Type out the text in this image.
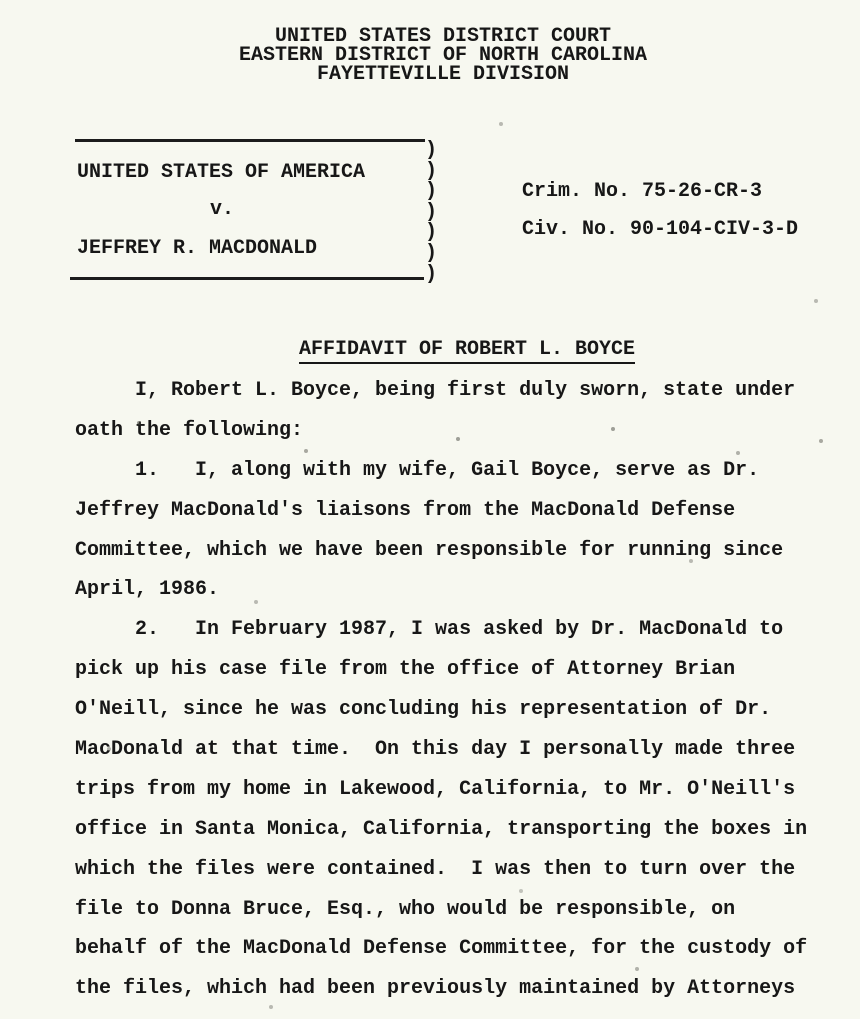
UNITED STATES DISTRICT COURT
EASTERN DISTRICT OF NORTH CAROLINA
FAYETTEVILLE DIVISION
UNITED STATES OF AMERICA
v.
JEFFREY R. MACDONALD
)
)
)
)
)
)
)
Crim. No. 75-26-CR-3
Civ. No. 90-104-CIV-3-D

AFFIDAVIT OF ROBERT L. BOYCE

I, Robert L. Boyce, being first duly sworn, state under
oath the following:
1.   I, along with my wife, Gail Boyce, serve as Dr.
Jeffrey MacDonald's liaisons from the MacDonald Defense
Committee, which we have been responsible for running since
April, 1986.
2.   In February 1987, I was asked by Dr. MacDonald to
pick up his case file from the office of Attorney Brian
O'Neill, since he was concluding his representation of Dr.
MacDonald at that time.  On this day I personally made three
trips from my home in Lakewood, California, to Mr. O'Neill's
office in Santa Monica, California, transporting the boxes in
which the files were contained.  I was then to turn over the
file to Donna Bruce, Esq., who would be responsible, on
behalf of the MacDonald Defense Committee, for the custody of
the files, which had been previously maintained by Attorneys
